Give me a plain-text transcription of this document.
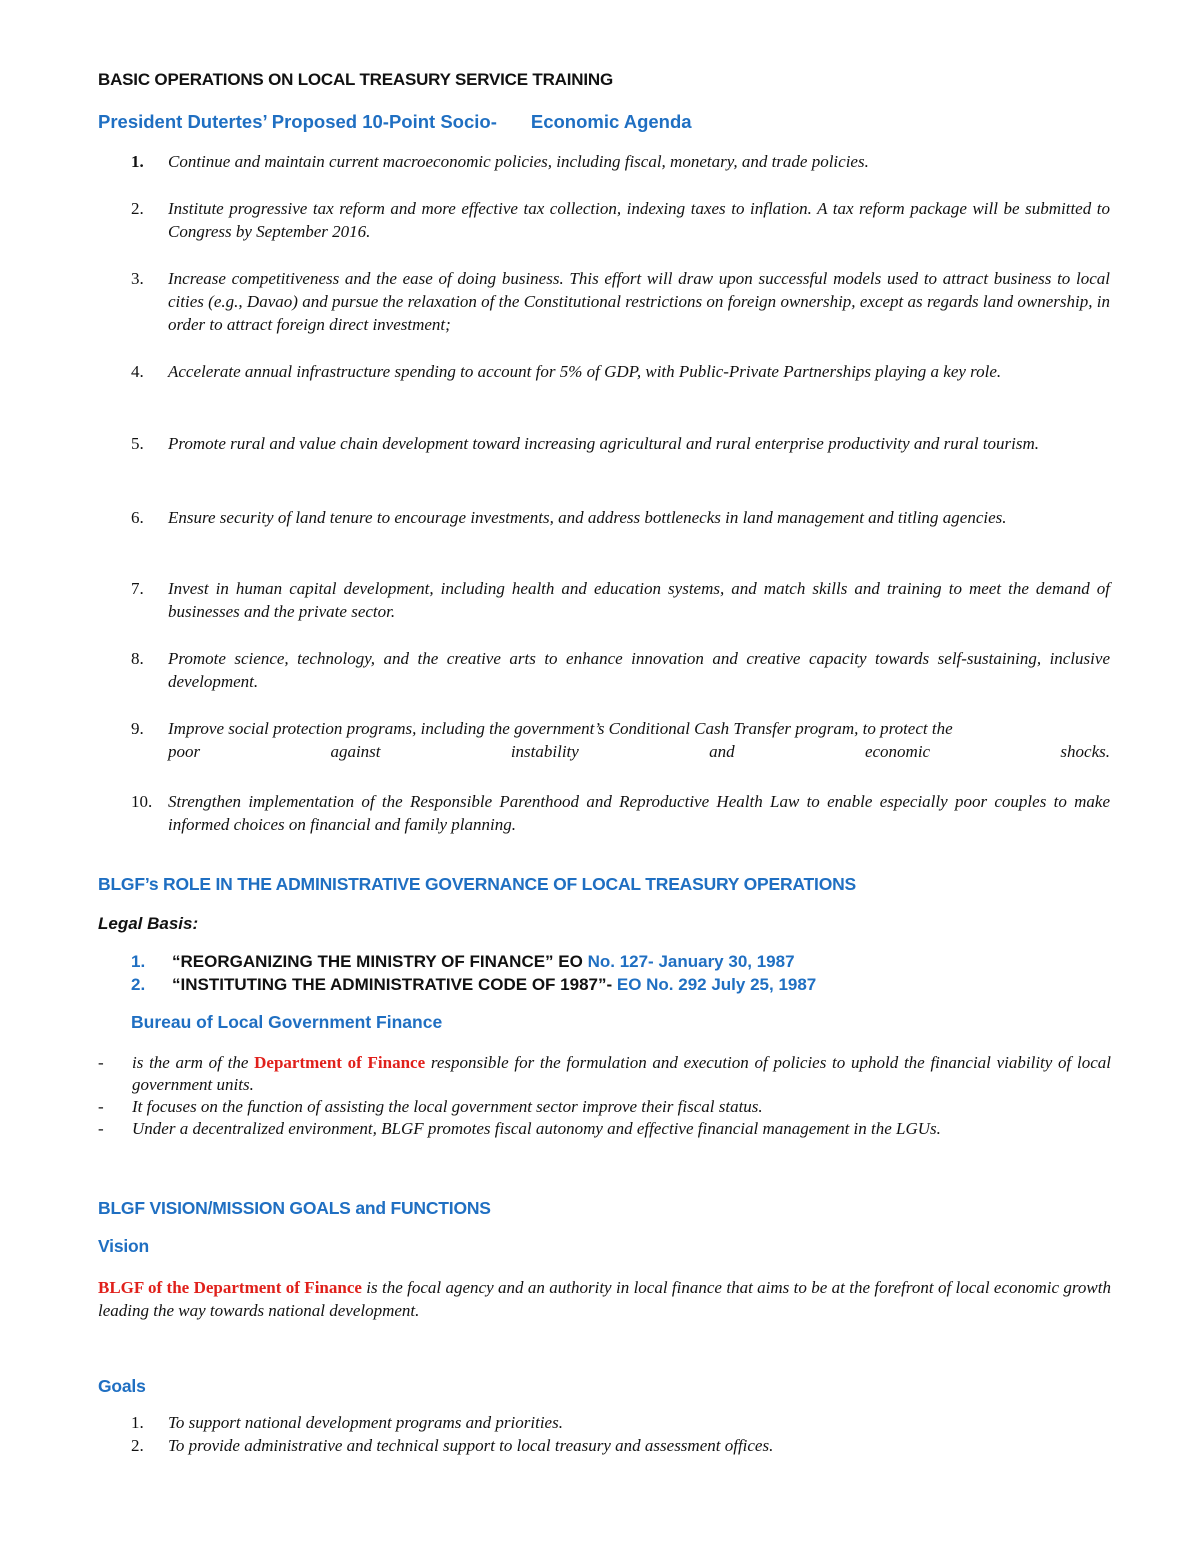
BASIC OPERATIONS ON LOCAL TREASURY SERVICE TRAINING
President Dutertes’ Proposed 10-Point Socio- Economic Agenda
1.	Continue and maintain current macroeconomic policies, including fiscal, monetary, and trade policies.
2.	Institute progressive tax reform and more effective tax collection, indexing taxes to inflation. A tax reform package will be submitted to Congress by September 2016.
3.	Increase competitiveness and the ease of doing business. This effort will draw upon successful models used to attract business to local cities (e.g., Davao) and pursue the relaxation of the Constitutional restrictions on foreign ownership, except as regards land ownership, in order to attract foreign direct investment;
4.	Accelerate annual infrastructure spending to account for 5% of GDP, with Public-Private Partnerships playing a key role.
5.	Promote rural and value chain development toward increasing agricultural and rural enterprise productivity and rural tourism.
6.	Ensure security of land tenure to encourage investments, and address bottlenecks in land management and titling agencies.
7.	Invest in human capital development, including health and education systems, and match skills and training to meet the demand of businesses and the private sector.
8.	Promote science, technology, and the creative arts to enhance innovation and creative capacity towards self-sustaining, inclusive development.
9.	Improve social protection programs, including the government’s Conditional Cash Transfer program, to protect the
poor against instability and economic shocks.
10. Strengthen implementation of the Responsible Parenthood and Reproductive Health Law to enable especially poor couples to make informed choices on financial and family planning.
BLGF’s ROLE IN THE ADMINISTRATIVE GOVERNANCE OF LOCAL TREASURY OPERATIONS
Legal Basis:
1. “REORGANIZING THE MINISTRY OF FINANCE” EO No. 127- January 30, 1987
2. “INSTITUTING THE ADMINISTRATIVE CODE OF 1987”- EO No. 292 July 25, 1987
Bureau of Local Government Finance
- is the arm of the Department of Finance responsible for the formulation and execution of policies to uphold the financial viability of local government units.
- It focuses on the function of assisting the local government sector improve their fiscal status.
- Under a decentralized environment, BLGF promotes fiscal autonomy and effective financial management in the LGUs.
BLGF VISION/MISSION GOALS and FUNCTIONS
Vision
BLGF of the Department of Finance is the focal agency and an authority in local finance that aims to be at the forefront of local economic growth leading the way towards national development.
Goals
1. To support national development programs and priorities.
2. To provide administrative and technical support to local treasury and assessment offices.
